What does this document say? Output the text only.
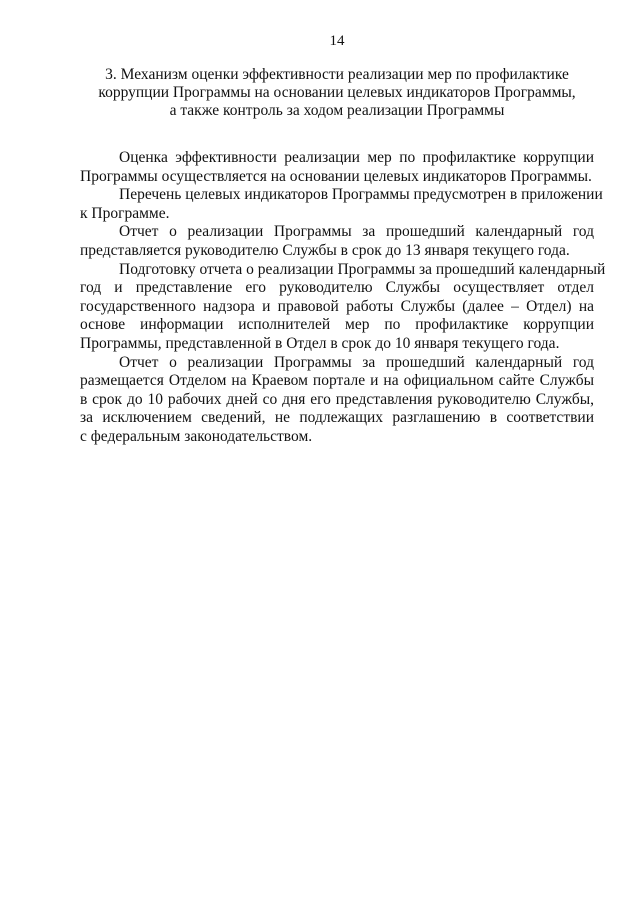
14
3. Механизм оценки эффективности реализации мер по профилактике
коррупции Программы на основании целевых индикаторов Программы,
а также контроль за ходом реализации Программы

Оценка эффективности реализации мер по профилактике коррупции
Программы осуществляется на основании целевых индикаторов Программы.

Перечень целевых индикаторов Программы предусмотрен в приложении
к Программе.

Отчет о реализации Программы за прошедший календарный год
представляется руководителю Службы в срок до 13 января текущего года.

Подготовку отчета о реализации Программы за прошедший календарный
год и представление его руководителю Службы осуществляет отдел
государственного надзора и правовой работы Службы (далее – Отдел) на
основе информации исполнителей мер по профилактике коррупции
Программы, представленной в Отдел в срок до 10 января текущего года.

Отчет о реализации Программы за прошедший календарный год
размещается Отделом на Краевом портале и на официальном сайте Службы
в срок до 10 рабочих дней со дня его представления руководителю Службы,
за исключением сведений, не подлежащих разглашению в соответствии
с федеральным законодательством.
